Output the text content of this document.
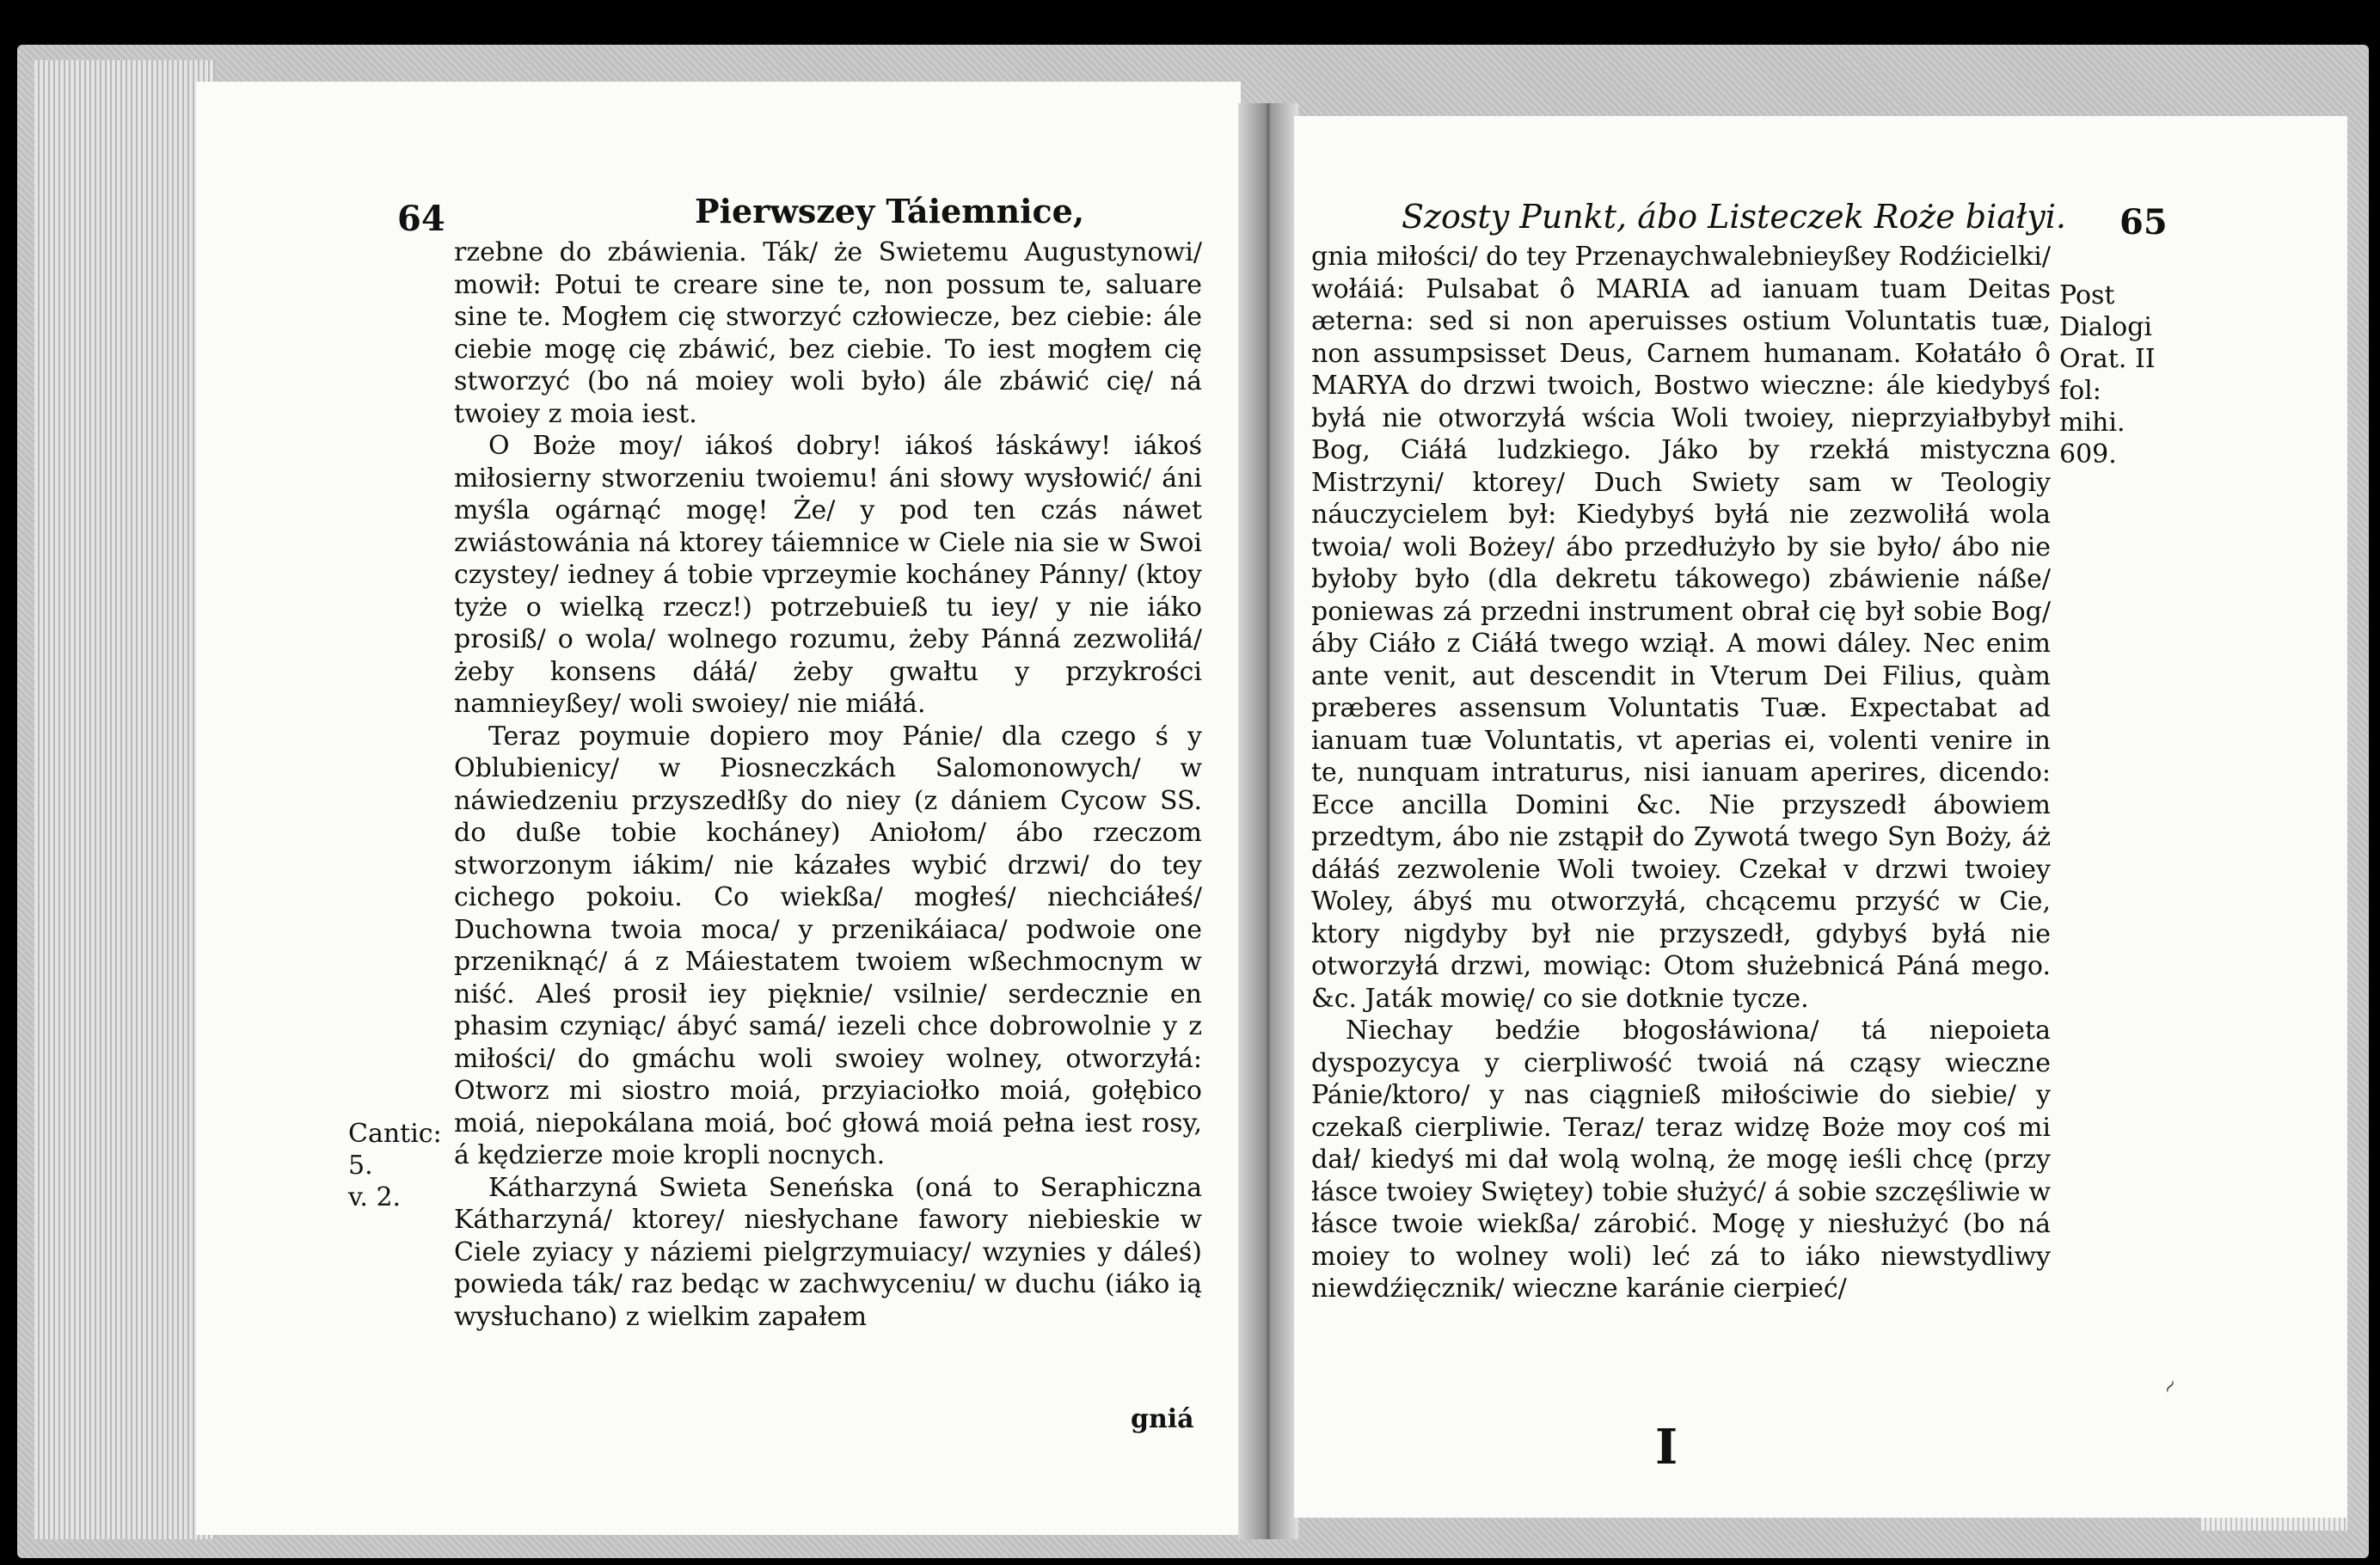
64	Pierwszey Táiemnice,

rzebne do zbáwienia. Ták/ że Swietemu Augustynowi/ mowił: Potui te creare sine te, non possum te, saluare sine te. Mogłem cię stworzyć człowiecze, bez ciebie: ále ciebie mogę cię zbáwić, bez ciebie. To iest mogłem cię stworzyć (bo ná moiey woli było) ále zbáwić cię/ ná twoiey z moia iest.

O Boże moy/ iákoś dobry! iákoś łáskáwy! iákoś miłosierny stworzeniu twoiemu! áni słowy wysłowić/ áni myśla ogárnąć mogę! Że/ y pod ten czás náwet zwiástowánia ná ktorey táiemnice w Ciele nia sie w Swoi czystey/ iedney á tobie vprzeymie kocháney Pánny/ (ktoy tyże o wielką rzecz!) potrzebuieß tu iey/ y nie iáko prosiß/ o wola/ wolnego rozumu, żeby Pánná zezwoliłá/ żeby konsens dáłá/ żeby gwałtu y przykrości namnieyßey/ woli swoiey/ nie miáłá.

Teraz poymuie dopiero moy Pánie/ dla czego ś y Oblubienicy/ w Piosneczkách Salomonowych/ w náwiedzeniu przyszedłßy do niey (z dániem Cycow SS. do duße tobie kocháney) Aniołom/ ábo rzeczom stworzonym iákim/ nie kázałes wybić drzwi/ do tey cichego pokoiu. Co wiekßa/ mogłeś/ niechciáłeś/ Duchowna twoia moca/ y przenikáiaca/ podwoie one przeniknąć/ á z Máiestatem twoiem wßechmocnym w niść. Aleś prosił iey pięknie/ vsilnie/ serdecznie en phasim czyniąc/ ábyć samá/ iezeli chce dobrowolnie y z miłości/ do gmáchu woli swoiey wolney, otworzyłá: Otworz mi siostro moiá, przyiaciołko moiá, gołębico moiá, niepokálana moiá, boć głowá moiá pełna iest rosy, á kędzierze moie kropli nocnych.

Kátharzyná Swieta Seneńska (oná to Seraphiczna Kátharzyná/ ktorey/ niesłychane fawory niebieskie w Ciele zyiacy y náziemi pielgrzymuiacy/ wzynies y dáleś) powieda ták/ raz bedąc w zachwyceniu/ w duchu (iáko ią wysłuchano) z wielkim zapałem

Szosty Punkt, ábo Listeczek Roże białyi. 65

gnia miłości/ do tey Przenaychwalebnieyßey Rodźicielki/ wołáiá: Pulsabat ô MARIA ad ianuam tuam Deitas æterna: sed si non aperuisses ostium Voluntatis tuæ, non assumpsisset Deus, Carnem humanam. Kołatáło ô MARYA do drzwi twoich, Bostwo wieczne: ále kiedybyś byłá nie otworzyłá wścia Woli twoiey, nieprzyiałbybył Bog, Ciáłá ludzkiego. Jáko by rzekłá mistyczna Mistrzyni/ ktorey/ Duch Swiety sam w Teologiy náuczycielem był: Kiedybyś byłá nie zezwoliłá wola twoia/ woli Bożey/ ábo przedłużyło by sie było/ ábo nie byłoby było (dla dekretu tákowego) zbáwienie náße/ poniewas zá przedni instrument obrał cię był sobie Bog/ áby Ciáło z Ciáłá twego wziął. A mowi dáley. Nec enim ante venit, aut descendit in Vterum Dei Filius, quàm præberes assensum Voluntatis Tuæ. Expectabat ad ianuam tuæ Voluntatis, vt aperias ei, volenti venire in te, nunquam intraturus, nisi ianuam aperires, dicendo: Ecce ancilla Domini &c. Nie przyszedł ábowiem przedtym, ábo nie zstąpił do Zywotá twego Syn Boży, áż dáłáś zezwolenie Woli twoiey. Czekał v drzwi twoiey Woley, ábyś mu otworzyłá, chcącemu przyść w Cie, ktory nigdyby był nie przyszedł, gdybyś byłá nie otworzyłá drzwi, mowiąc: Otom służebnicá Páná mego. &c. Jaták mowię/ co sie dotknie tycze.

Niechay bedźie błogosłáwiona/ tá niepoieta dyspozycya y cierpliwość twoiá ná cząsy wieczne Pánie/ktoro/ y nas ciągnieß miłościwie do siebie/ y czekaß cierpliwie. Teraz/ teraz widzę Boże moy coś mi dał/ kiedyś mi dał wolą wolną, że mogę ieśli chcę (przy łásce twoiey Swiętey) tobie służyć/ á sobie szczęśliwie w łásce twoie wiekßa/ zárobić. Mogę y niesłużyć (bo ná moiey to wolney woli) leć zá to iáko niewstydliwy niewdźięcznik/ wieczne karánie cierpieć/

Post Dialogi Orat. II fol: mihi. 609.
I
~
Cantic: 5.
v. 2.
gniá
